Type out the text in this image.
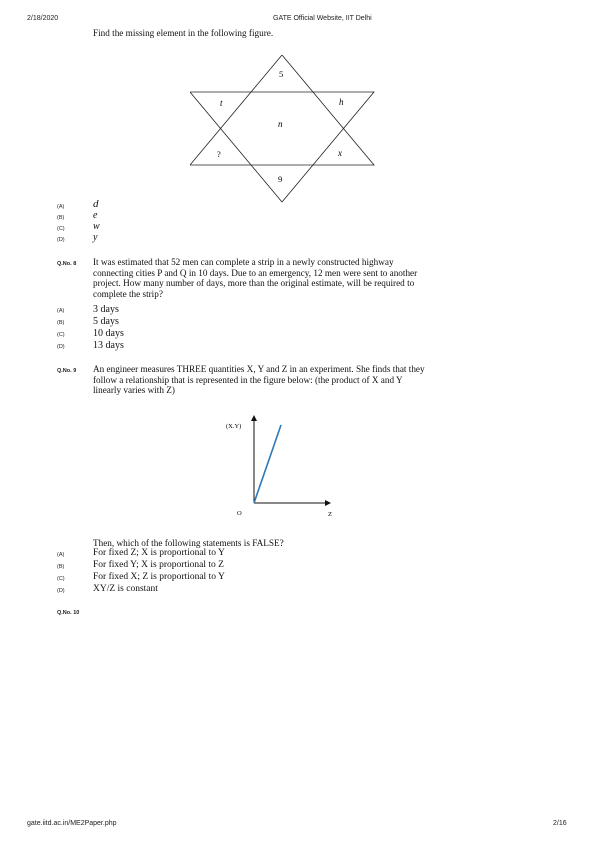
2/18/2020	GATE Official Website, IIT Delhi
Find the missing element in the following figure.
5
t	h
n
?	x
9
(A)
(B)
(C)
(D)
d
e
w
y
Q.No. 8 It was estimated that 52 men can complete a strip in a newly constructed highway
connecting cities P and Q in 10 days. Due to an emergency, 12 men were sent to another
project. How many number of days, more than the original estimate, will be required to
complete the strip?
(A)
(B)
(C)
(D)
3 days
5 days
10 days
13 days
Q.No. 9 An engineer measures THREE quantities X, Y and Z in an experiment. She finds that they
follow a relationship that is represented in the figure below: (the product of X and Y
linearly varies with Z)
(X.Y)
Z
O
Then, which of the following statements is FALSE?
(A)
(B)
(C)
(D)
For fixed Z; X is proportional to Y
For fixed Y; X is proportional to Z
For fixed X; Z is proportional to Y
XY/Z is constant
Q.No. 10
gate.iitd.ac.in/ME2Paper.php	2/16
